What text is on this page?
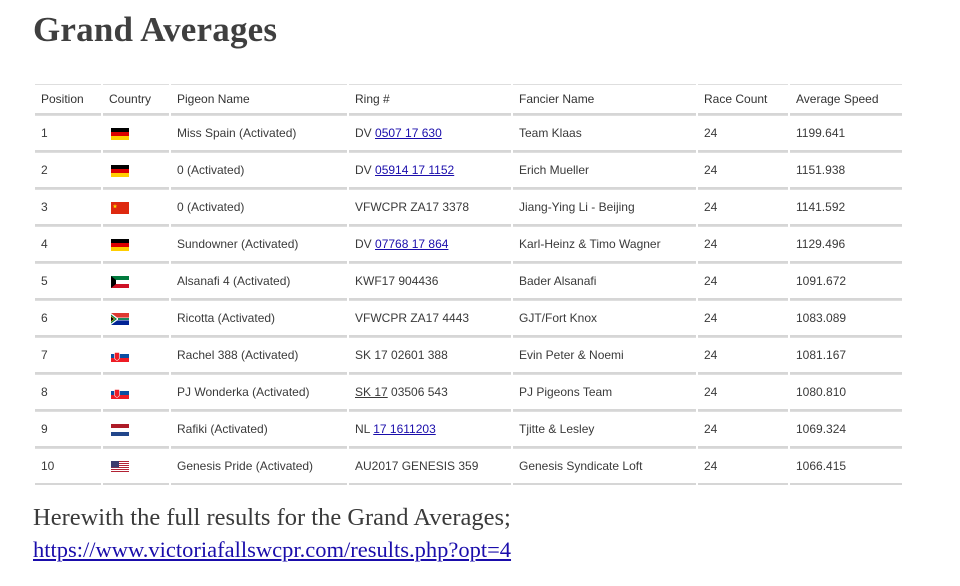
Grand Averages
Position	Country	Pigeon Name	Ring #	Fancier Name	Race Count	Average Speed
1		Miss Spain (Activated)	DV 0507 17 630	Team Klaas	24	1199.641
2		0 (Activated)	DV 05914 17 1152	Erich Mueller	24	1151.938
3		0 (Activated)	VFWCPR ZA17 3378	Jiang-Ying Li - Beijing	24	1141.592
4		Sundowner (Activated)	DV 07768 17 864	Karl-Heinz & Timo Wagner	24	1129.496
5		Alsanafi 4 (Activated)	KWF17 904436	Bader Alsanafi	24	1091.672
6		Ricotta (Activated)	VFWCPR ZA17 4443	GJT/Fort Knox	24	1083.089
7		Rachel 388 (Activated)	SK 17 02601 388	Evin Peter & Noemi	24	1081.167
8		PJ Wonderka (Activated)	SK 17 03506 543	PJ Pigeons Team	24	1080.810
9		Rafiki (Activated)	NL 17 1611203	Tjitte & Lesley	24	1069.324
10		Genesis Pride (Activated)	AU2017 GENESIS 359	Genesis Syndicate Loft	24	1066.415

Herewith the full results for the Grand Averages;  https://www.victoriafallswcpr.com/results.php?opt=4
